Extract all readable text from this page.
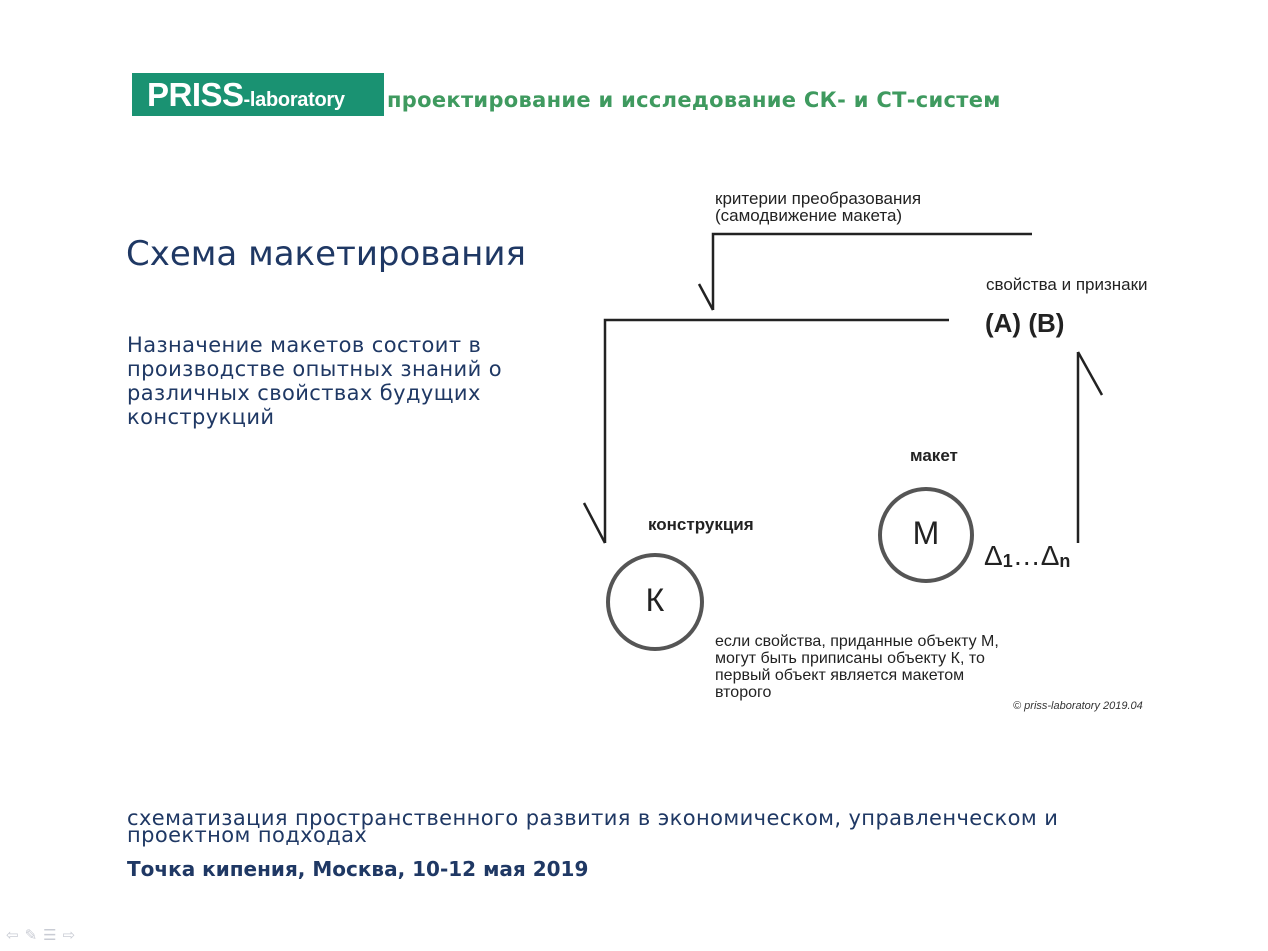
PRISS-laboratory	проектирование и исследование СК- и СТ-систем
Схема макетирования
Назначение макетов состоит в производстве опытных знаний о различных свойствах будущих конструкций
критерии преобразования
(самодвижение макета)
свойства и признаки
(A) (B)
макет
конструкция	M
К
$\Delta_1\dots\Delta_n$
если свойства, приданные объекту М,
могут быть приписаны объекту К, то
первый объект является макетом
второго
© priss-laboratory 2019.04
схематизация пространственного развития в экономическом, управленческом и проектном подходах
Точка кипения, Москва, 10-12 мая 2019
⇦✎☰⇨
